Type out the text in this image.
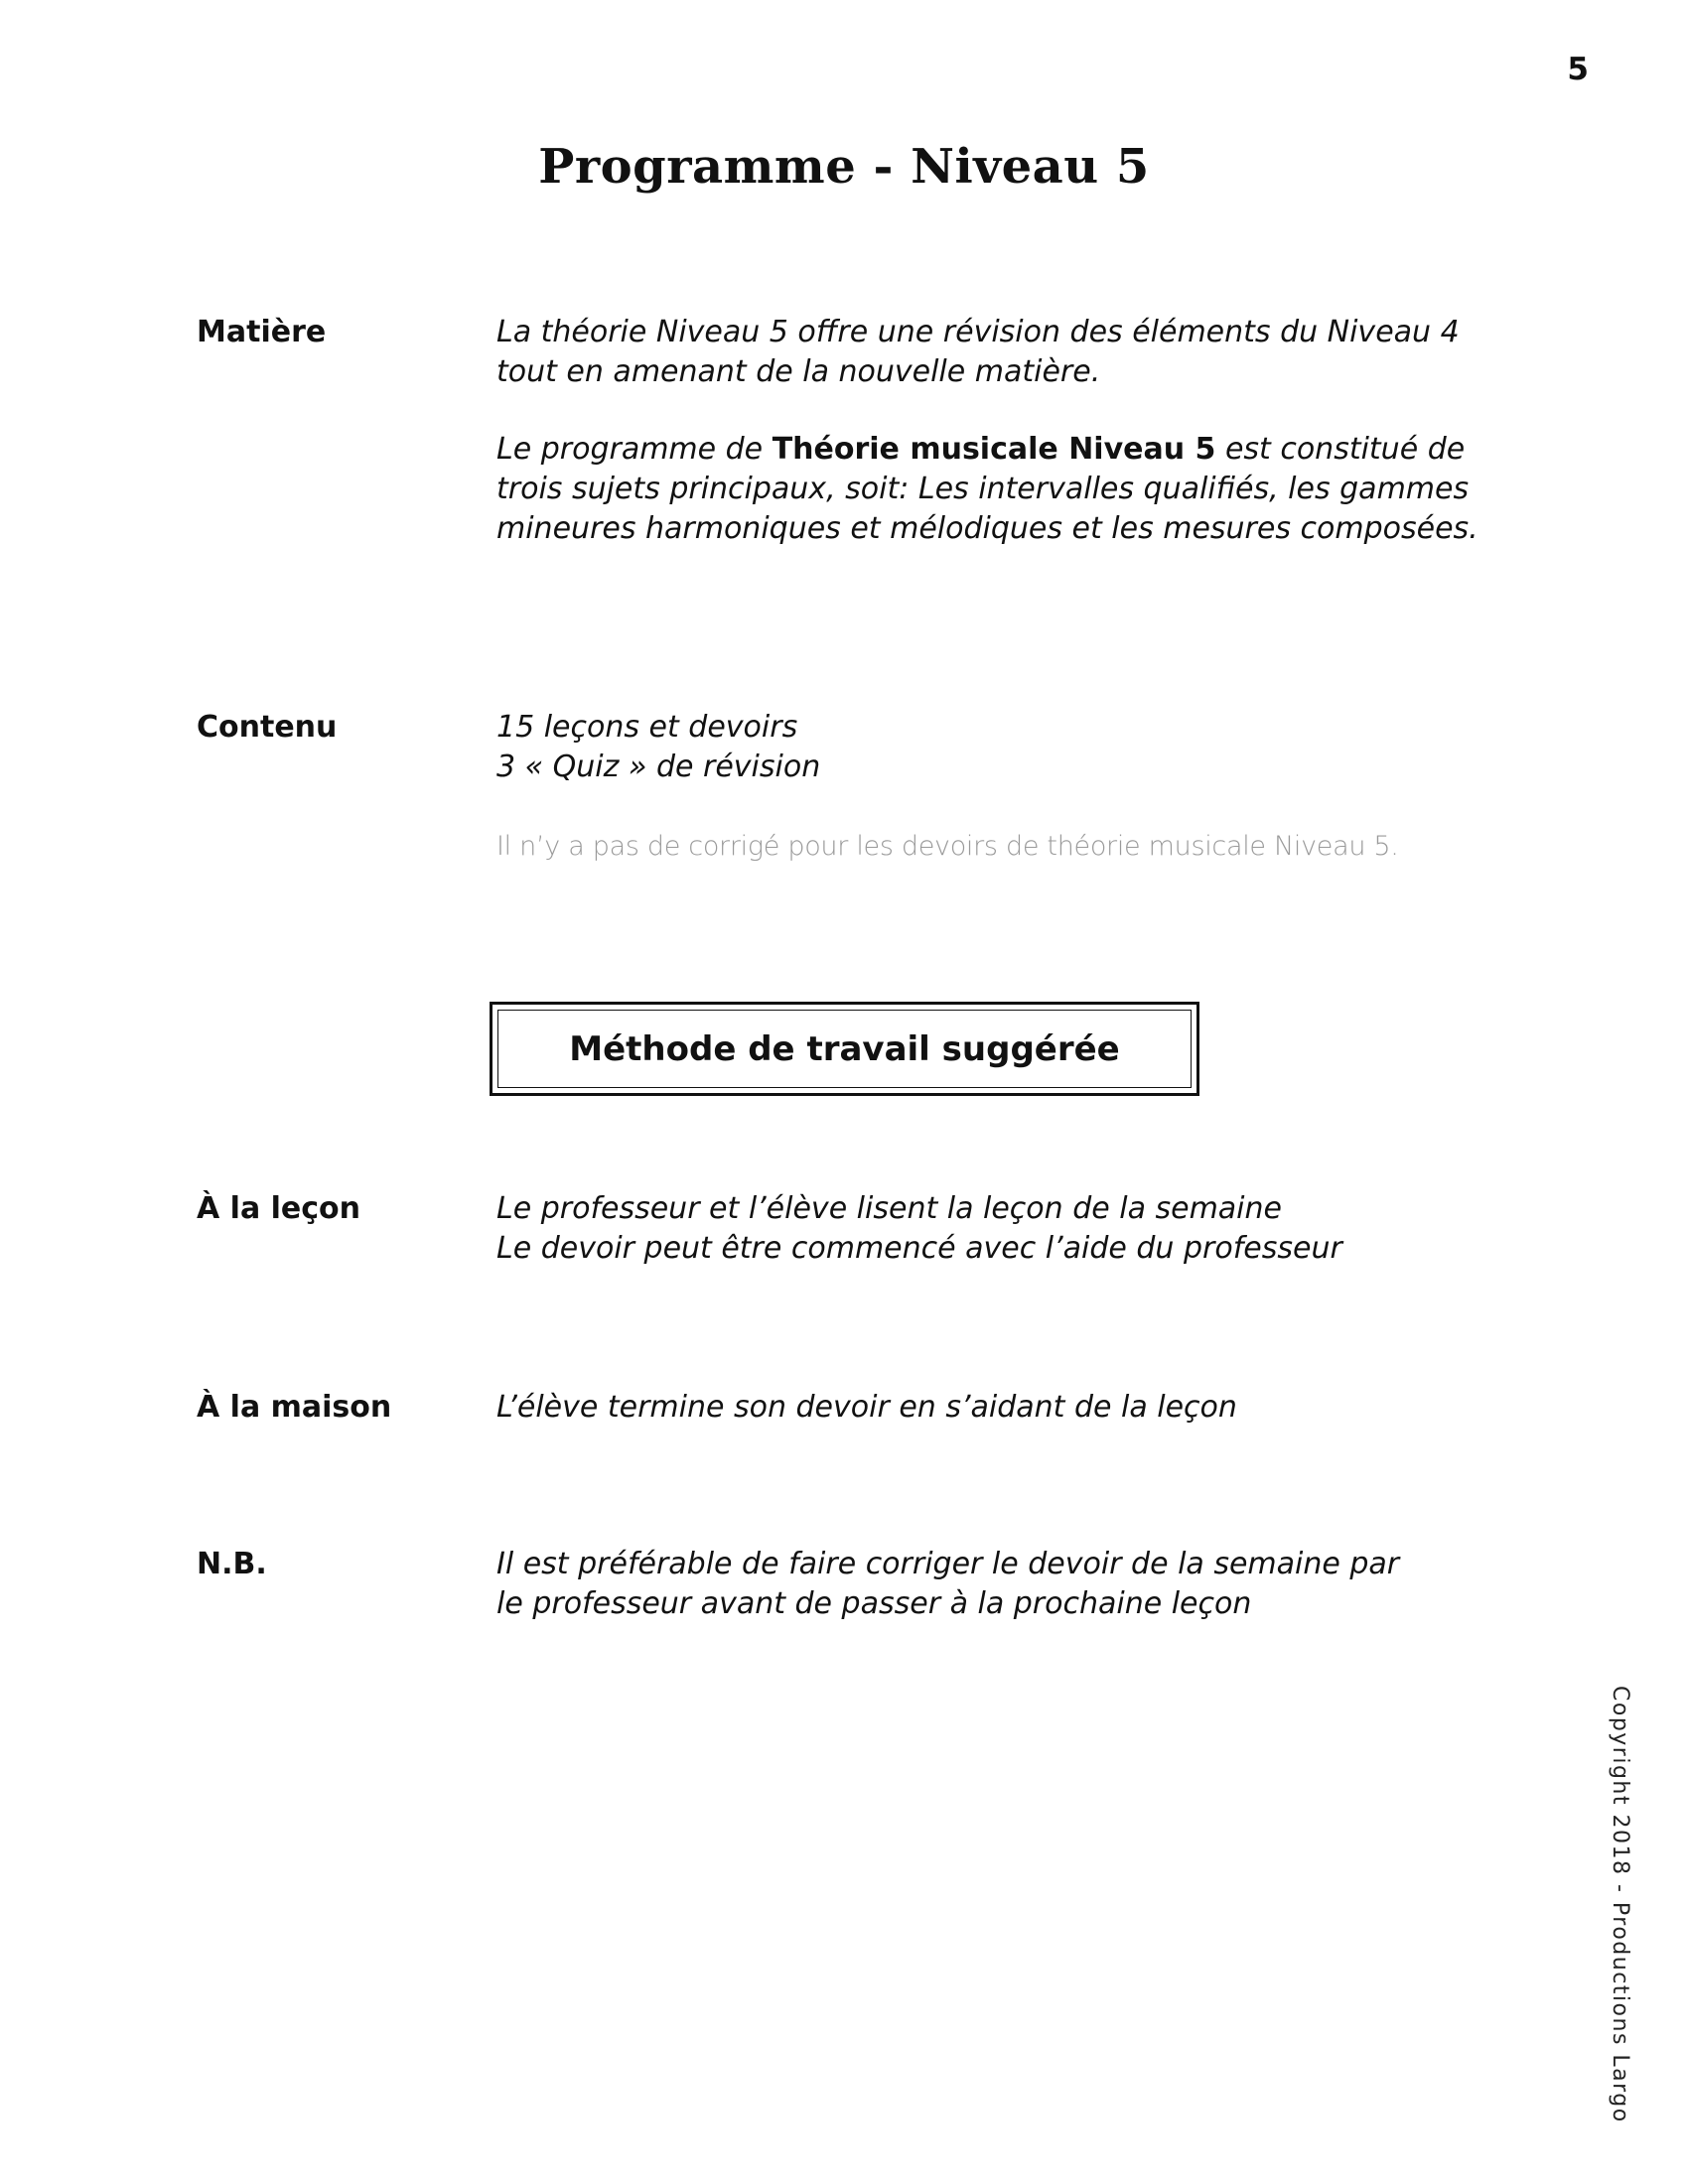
5
Programme - Niveau 5
Matière	La théorie Niveau 5 offre une révision des éléments du Niveau 4
tout en amenant de la nouvelle matière.
Le programme de Théorie musicale Niveau 5 est constitué de
trois sujets principaux, soit: Les intervalles qualifiés, les gammes
mineures harmoniques et mélodiques et les mesures composées.
Contenu	15 leçons et devoirs
3 « Quiz » de révision
Il n’y a pas de corrigé pour les devoirs de théorie musicale Niveau 5.
Méthode de travail suggérée
À la leçon	Le professeur et l’élève lisent la leçon de la semaine
Le devoir peut être commencé avec l’aide du professeur
À la maison	L’élève termine son devoir en s’aidant de la leçon
N.B.	Il est préférable de faire corriger le devoir de la semaine par
le professeur avant de passer à la prochaine leçon
Copyright 2018 - Productions Largo
